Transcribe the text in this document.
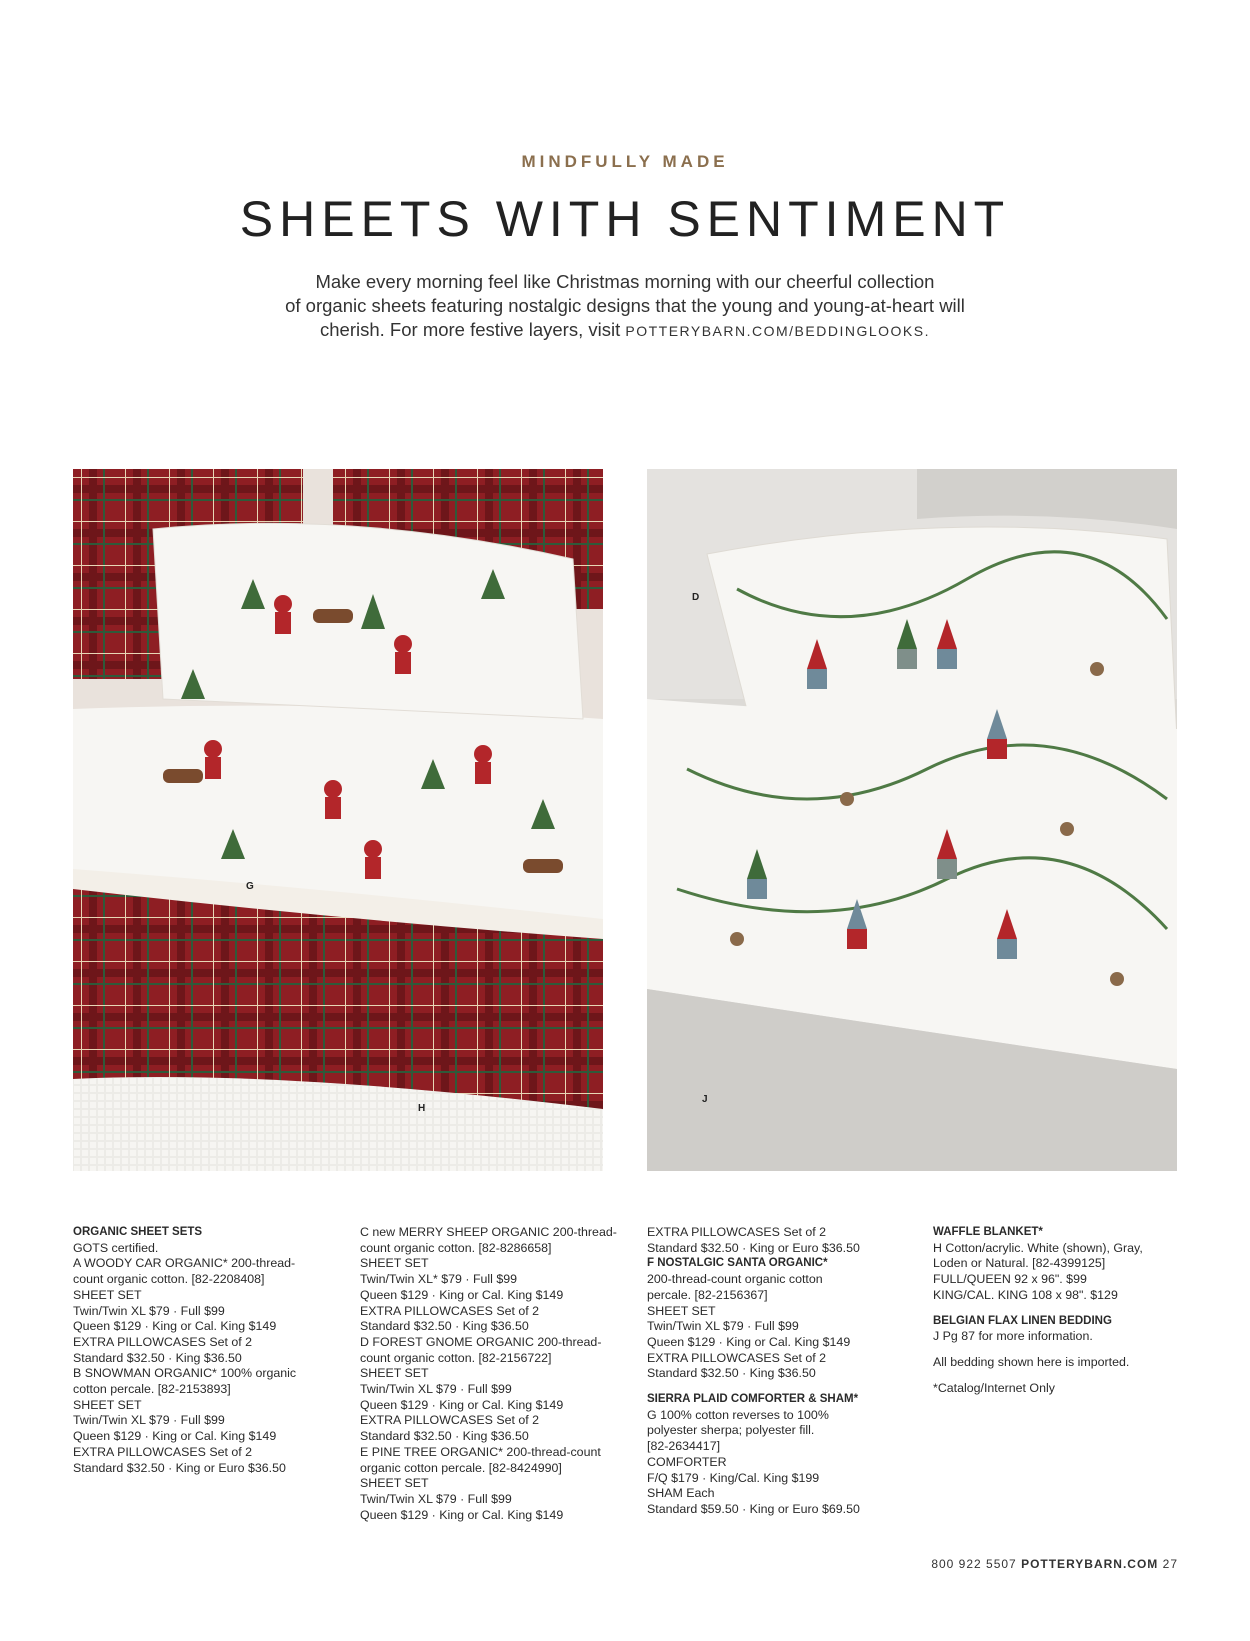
MINDFULLY MADE
SHEETS WITH SENTIMENT
Make every morning feel like Christmas morning with our cheerful collection
of organic sheets featuring nostalgic designs that the young and young-at-heart will
cherish. For more festive layers, visit POTTERYBARN.COM/BEDDINGLOOKS.
G
H
D
J

ORGANIC SHEET SETS

GOTS certified.

A WOODY CAR ORGANIC* 200-thread-

count organic cotton. [82-2208408]

SHEET SET

Twin/Twin XL $79 · Full $99

Queen $129 · King or Cal. King $149

EXTRA PILLOWCASES Set of 2

Standard $32.50 · King $36.50

B SNOWMAN ORGANIC* 100% organic

cotton percale. [82-2153893]

SHEET SET

Twin/Twin XL $79 · Full $99

Queen $129 · King or Cal. King $149

EXTRA PILLOWCASES Set of 2

Standard $32.50 · King or Euro $36.50

C new MERRY SHEEP ORGANIC 200-thread-

count organic cotton. [82-8286658]

SHEET SET

Twin/Twin XL* $79 · Full $99

Queen $129 · King or Cal. King $149

EXTRA PILLOWCASES Set of 2

Standard $32.50 · King $36.50

D FOREST GNOME ORGANIC 200-thread-

count organic cotton. [82-2156722]

SHEET SET

Twin/Twin XL $79 · Full $99

Queen $129 · King or Cal. King $149

EXTRA PILLOWCASES Set of 2

Standard $32.50 · King $36.50

E PINE TREE ORGANIC* 200-thread-count

organic cotton percale. [82-8424990]

SHEET SET

Twin/Twin XL $79 · Full $99

Queen $129 · King or Cal. King $149

EXTRA PILLOWCASES Set of 2

Standard $32.50 · King or Euro $36.50

F NOSTALGIC SANTA ORGANIC*

200-thread-count organic cotton

percale. [82-2156367]

SHEET SET

Twin/Twin XL $79 · Full $99

Queen $129 · King or Cal. King $149

EXTRA PILLOWCASES Set of 2

Standard $32.50 · King $36.50

SIERRA PLAID COMFORTER & SHAM*

G 100% cotton reverses to 100%

polyester sherpa; polyester fill.

[82-2634417]

COMFORTER

F/Q $179 · King/Cal. King $199

SHAM Each

Standard $59.50 · King or Euro $69.50

WAFFLE BLANKET*

H Cotton/acrylic. White (shown), Gray,

Loden or Natural. [82-4399125]

FULL/QUEEN 92 x 96". $99

KING/CAL. KING 108 x 98". $129

BELGIAN FLAX LINEN BEDDING

J Pg 87 for more information.

All bedding shown here is imported.

*Catalog/Internet Only

800 922 5507 POTTERYBARN.COM 27
